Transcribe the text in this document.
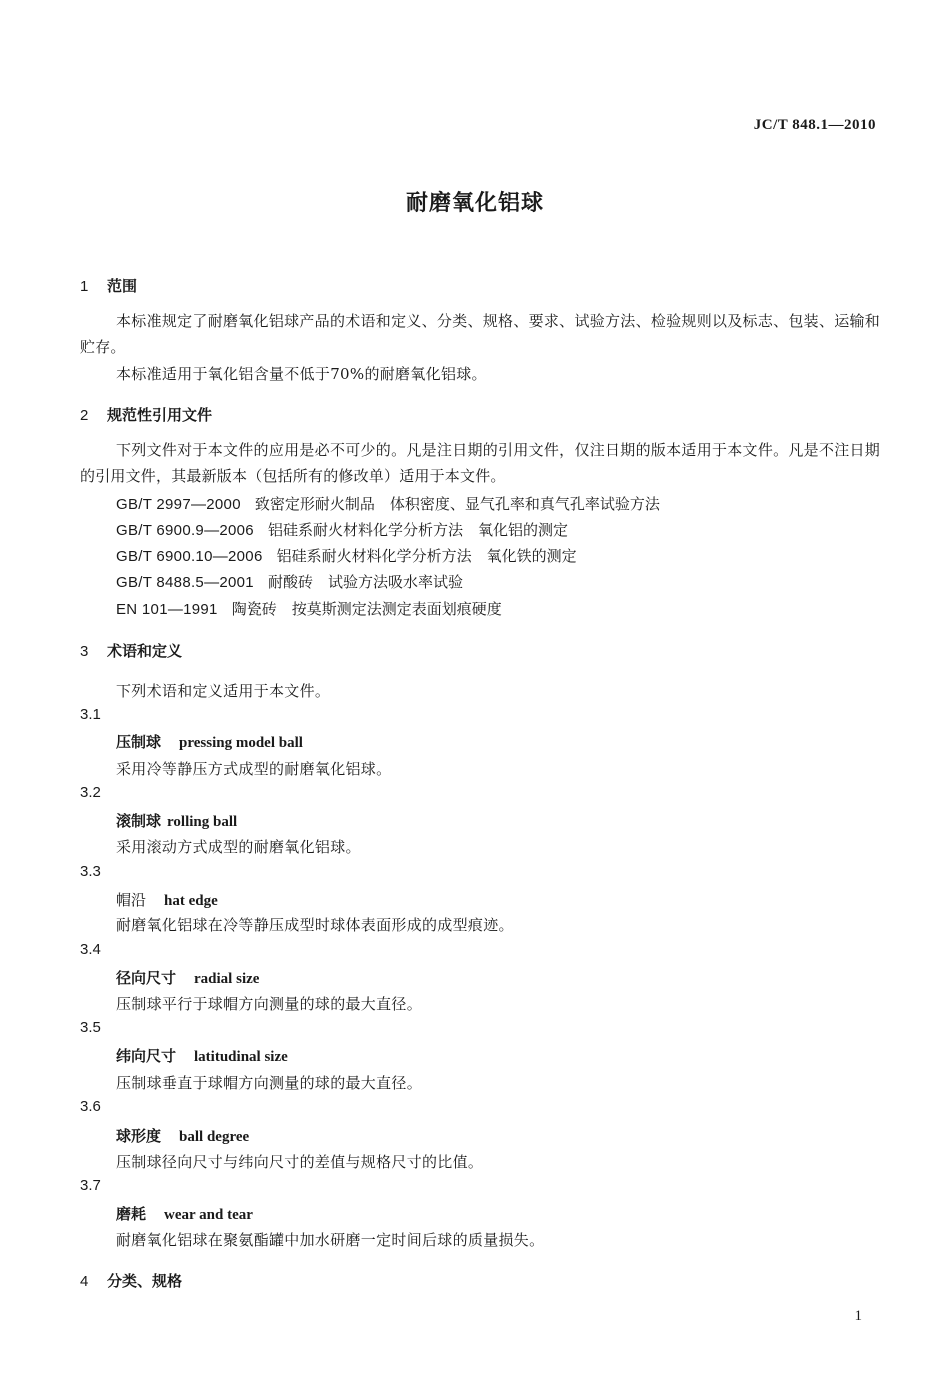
JC/T 848.1—2010
耐磨氧化铝球
1 范围
本标准规定了耐磨氧化铝球产品的术语和定义、分类、规格、要求、试验方法、检验规则以及标志、包装、运输和贮存。
本标准适用于氧化铝含量不低于70%的耐磨氧化铝球。
2 规范性引用文件
下列文件对于本文件的应用是必不可少的。凡是注日期的引用文件，仅注日期的版本适用于本文件。凡是不注日期的引用文件，其最新版本（包括所有的修改单）适用于本文件。
GB/T 2997—2000 致密定形耐火制品　体积密度、显气孔率和真气孔率试验方法
GB/T 6900.9—2006 铝硅系耐火材料化学分析方法　氧化铝的测定
GB/T 6900.10—2006 铝硅系耐火材料化学分析方法　氧化铁的测定
GB/T 8488.5—2001 耐酸砖　试验方法吸水率试验
EN 101—1991 陶瓷砖　按莫斯测定法测定表面划痕硬度
3 术语和定义
下列术语和定义适用于本文件。
3.1
压制球 pressing model ball
采用冷等静压方式成型的耐磨氧化铝球。
3.2
滚制球 rolling ball
采用滚动方式成型的耐磨氧化铝球。
3.3
帽沿 hat edge
耐磨氧化铝球在冷等静压成型时球体表面形成的成型痕迹。
3.4
径向尺寸 radial size
压制球平行于球帽方向测量的球的最大直径。
3.5
纬向尺寸 latitudinal size
压制球垂直于球帽方向测量的球的最大直径。
3.6
球形度 ball degree
压制球径向尺寸与纬向尺寸的差值与规格尺寸的比值。
3.7
磨耗 wear and tear
耐磨氧化铝球在聚氨酯罐中加水研磨一定时间后球的质量损失。
4 分类、规格
1
